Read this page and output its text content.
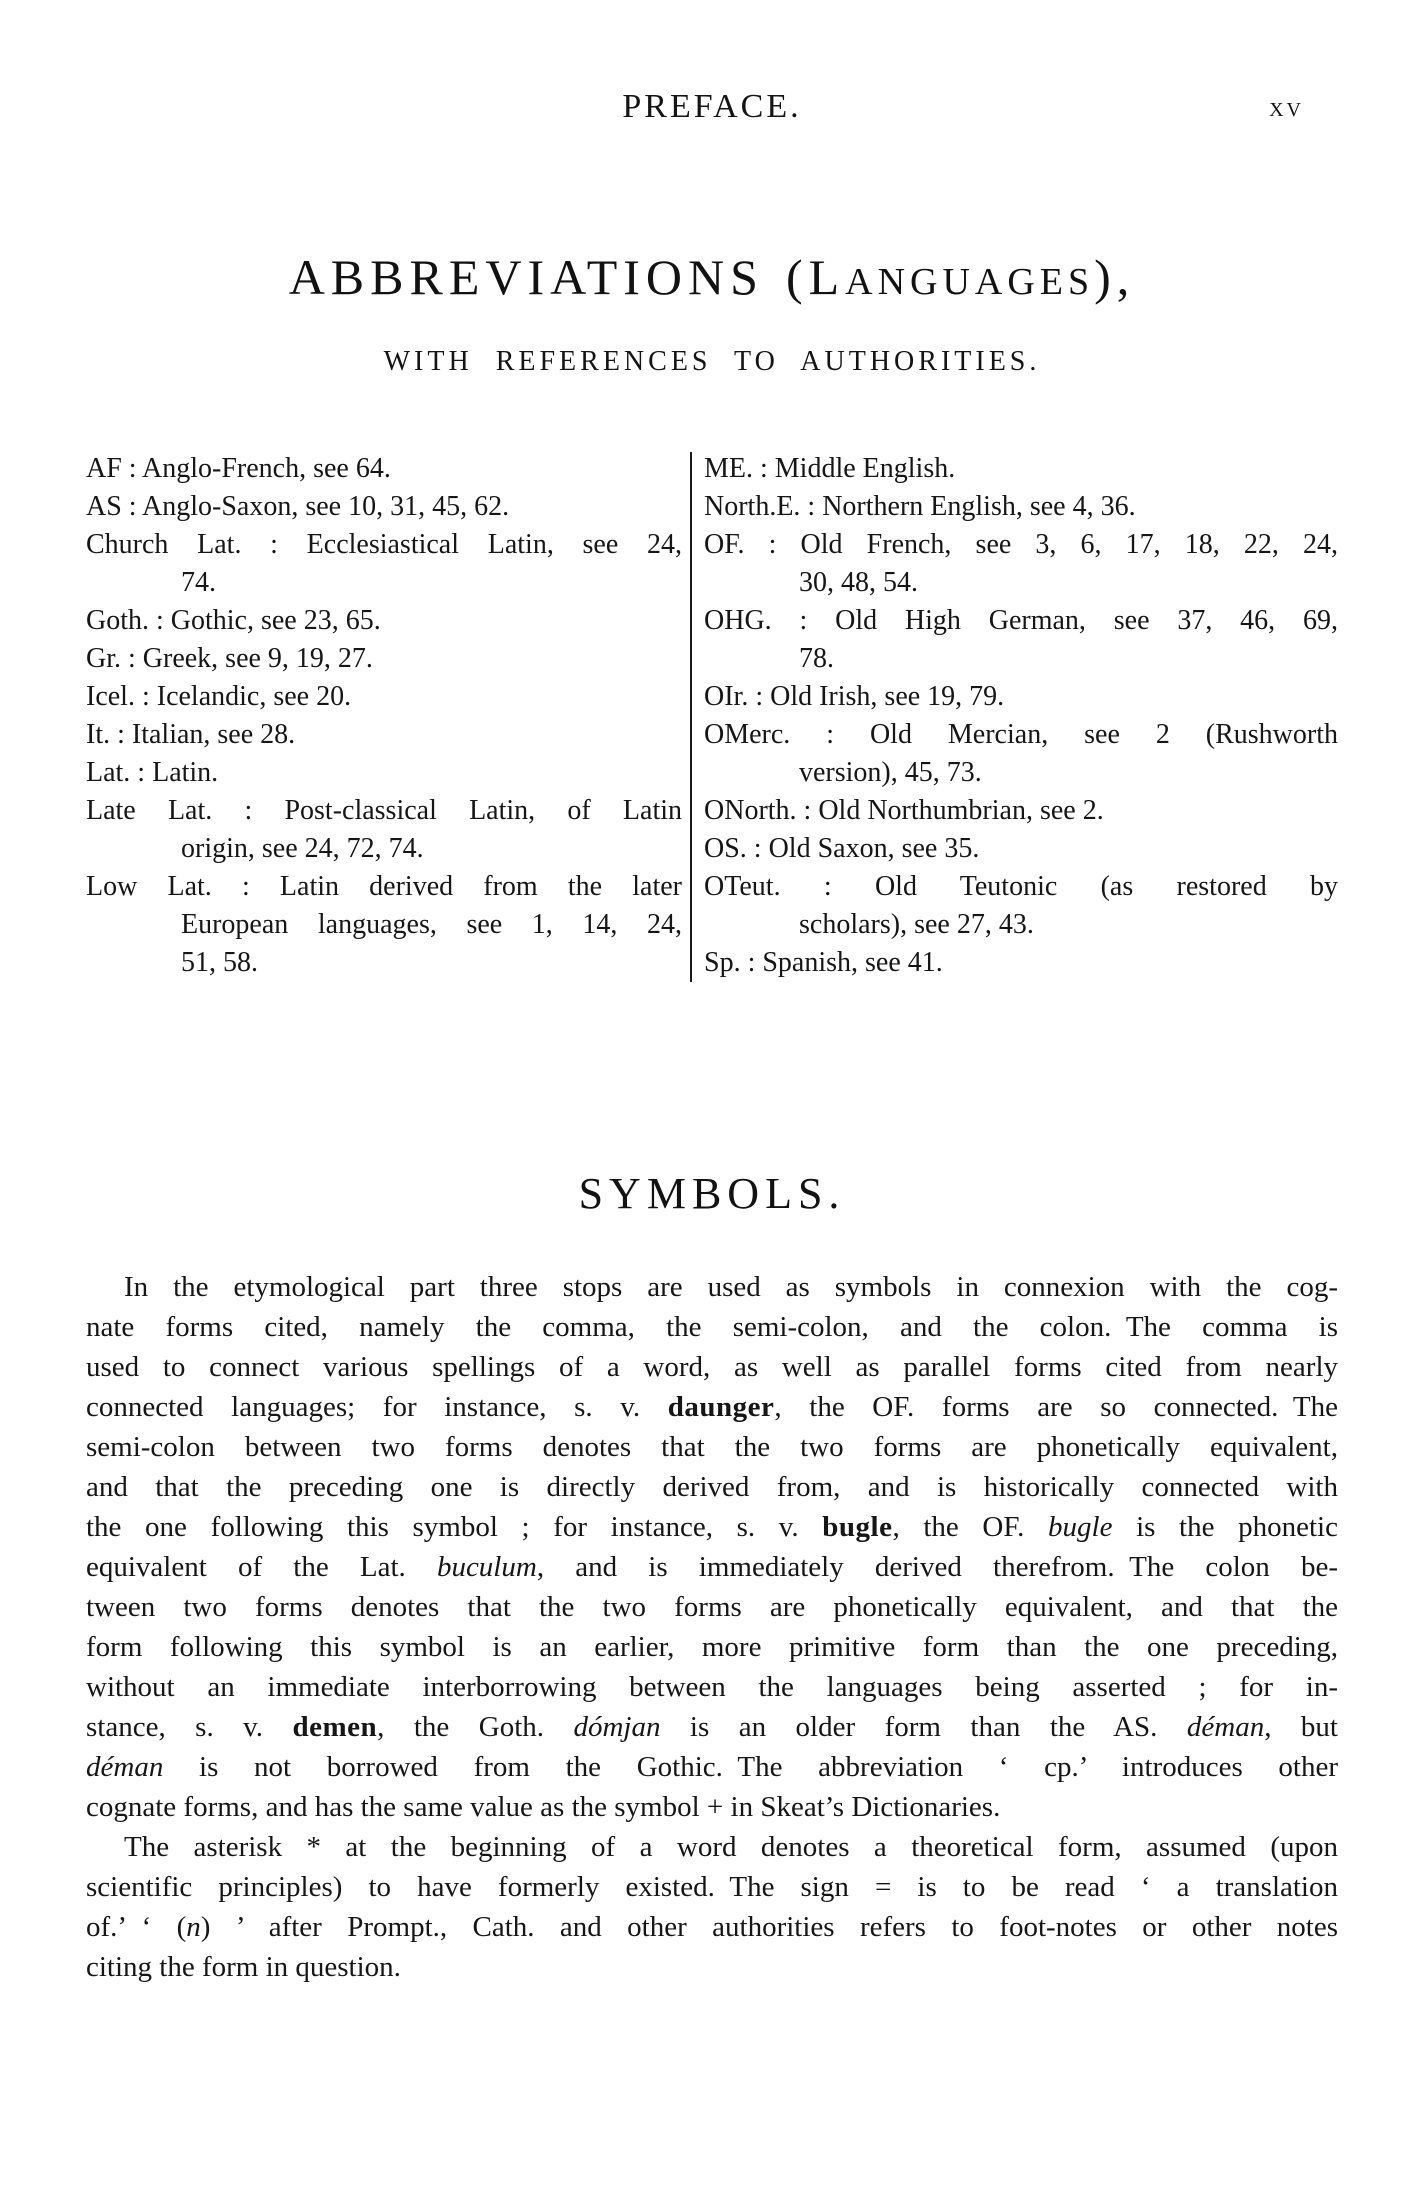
PREFACE.	xv
ABBREVIATIONS (LANGUAGES),
WITH REFERENCES TO AUTHORITIES.
AF : Anglo-French, see 64.
AS : Anglo-Saxon, see 10, 31, 45, 62.
Church Lat. : Ecclesiastical Latin, see 24,
74.
Goth. : Gothic, see 23, 65.
Gr. : Greek, see 9, 19, 27.
Icel. : Icelandic, see 20.
It. : Italian, see 28.
Lat. : Latin.
Late Lat. : Post-classical Latin, of Latin
origin, see 24, 72, 74.
Low Lat. : Latin derived from the later
European languages, see 1, 14, 24,
51, 58.
ME. : Middle English.
North.E. : Northern English, see 4, 36.
OF. : Old French, see 3, 6, 17, 18, 22, 24,
30, 48, 54.
OHG. : Old High German, see 37, 46, 69,
78.
OIr. : Old Irish, see 19, 79.
OMerc. : Old Mercian, see 2 (Rushworth
version), 45, 73.
ONorth. : Old Northumbrian, see 2.
OS. : Old Saxon, see 35.
OTeut. : Old Teutonic (as restored by
scholars), see 27, 43.
Sp. : Spanish, see 41.
SYMBOLS.
In the etymological part three stops are used as symbols in connexion with the cog-
nate forms cited, namely the comma, the semi-colon, and the colon. The comma is
used to connect various spellings of a word, as well as parallel forms cited from nearly
connected languages; for instance, s. v. daunger, the OF. forms are so connected. The
semi-colon between two forms denotes that the two forms are phonetically equivalent,
and that the preceding one is directly derived from, and is historically connected with
the one following this symbol ; for instance, s. v. bugle, the OF. bugle is the phonetic
equivalent of the Lat. buculum, and is immediately derived therefrom. The colon be-
tween two forms denotes that the two forms are phonetically equivalent, and that the
form following this symbol is an earlier, more primitive form than the one preceding,
without an immediate interborrowing between the languages being asserted ; for in-
stance, s. v. demen, the Goth. dómjan is an older form than the AS. déman, but
déman is not borrowed from the Gothic. The abbreviation ‘ cp.’ introduces other
cognate forms, and has the same value as the symbol + in Skeat’s Dictionaries.
The asterisk * at the beginning of a word denotes a theoretical form, assumed (upon
scientific principles) to have formerly existed. The sign = is to be read ‘ a translation
of.’ ‘ (n) ’ after Prompt., Cath. and other authorities refers to foot-notes or other notes
citing the form in question.
